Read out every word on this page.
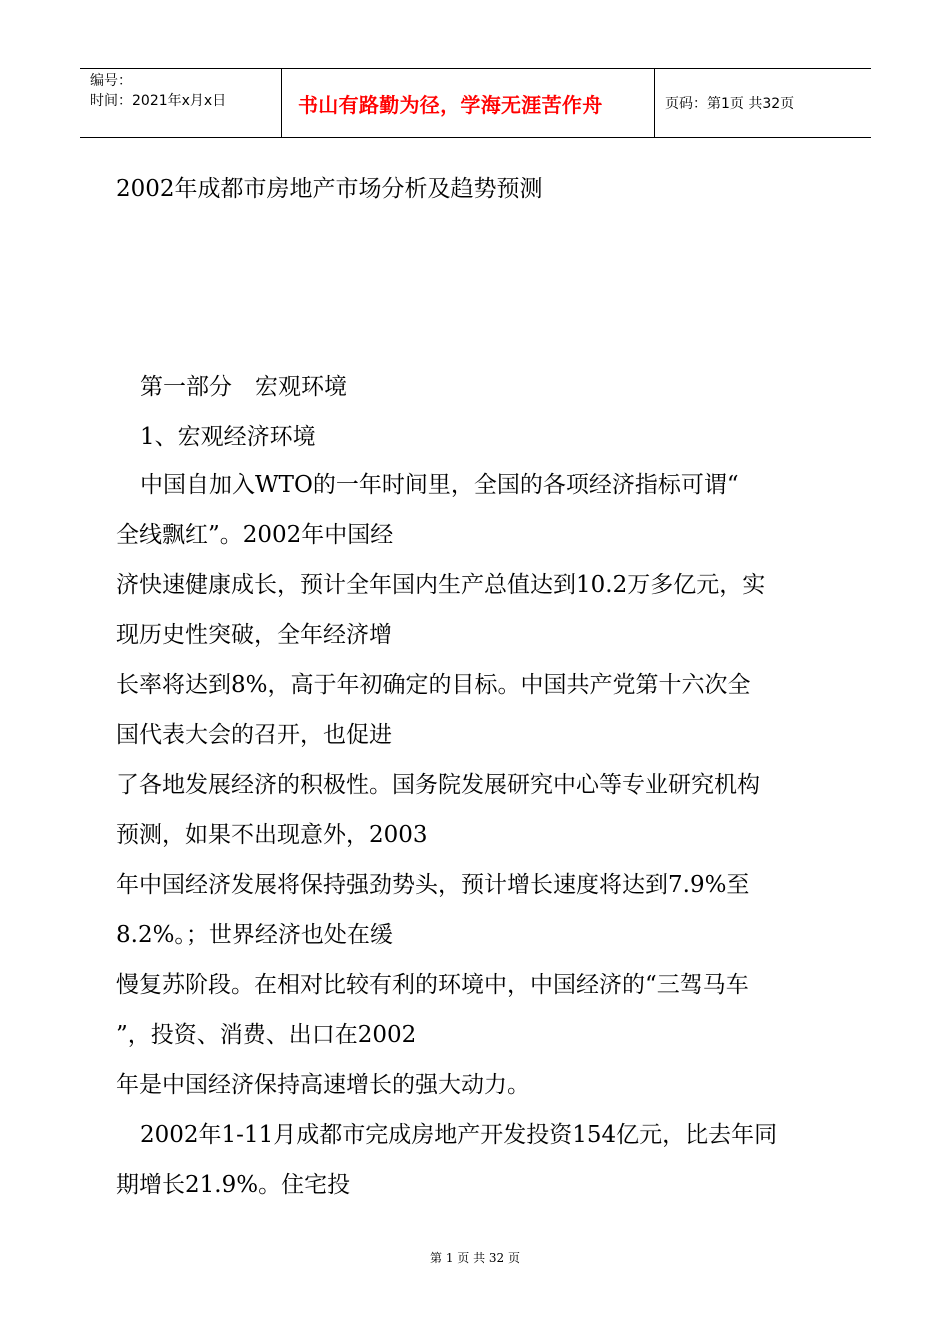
编号：
时间：2021年x月x日	书山有路勤为径，学海无涯苦作舟	页码：第1页 共32页
2002年成都市房地产市场分析及趋势预测
第一部分　宏观环境
1、宏观经济环境
中国自加入WTO的一年时间里，全国的各项经济指标可谓“
全线飘红”。2002年中国经
济快速健康成长，预计全年国内生产总值达到10.2万多亿元，实
现历史性突破，全年经济增
长率将达到8%，高于年初确定的目标。中国共产党第十六次全
国代表大会的召开，也促进
了各地发展经济的积极性。国务院发展研究中心等专业研究机构
预测，如果不出现意外，2003
年中国经济发展将保持强劲势头，预计增长速度将达到7.9%至
8.2%。；世界经济也处在缓
慢复苏阶段。在相对比较有利的环境中，中国经济的“三驾马车
”，投资、消费、出口在2002
年是中国经济保持高速增长的强大动力。
2002年1-11月成都市完成房地产开发投资154亿元，比去年同
期增长21.9%。住宅投
第 1 页 共 32 页
